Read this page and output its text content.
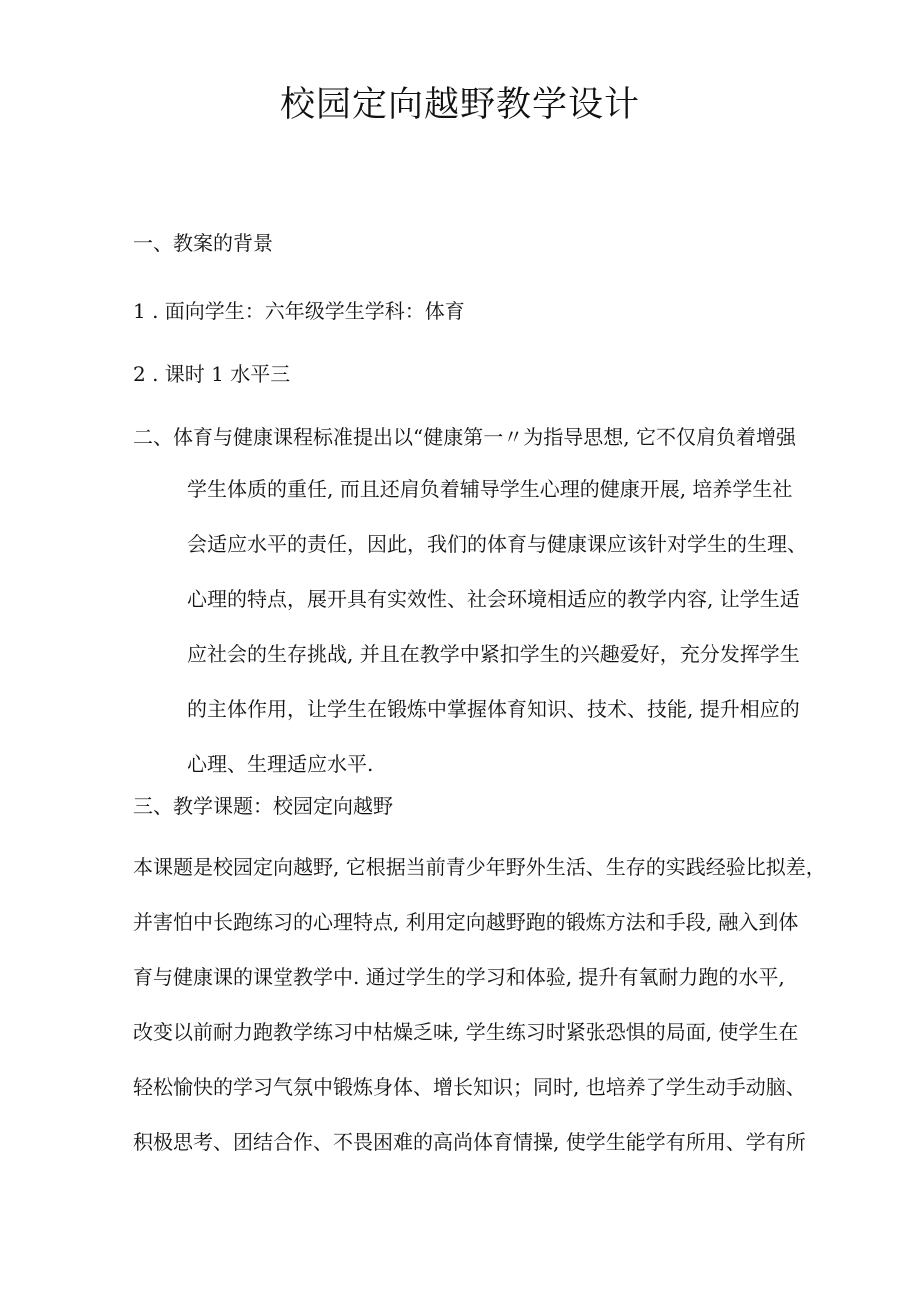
校园定向越野教学设计

一、教案的背景

1 . 面向学生：六年级学生学科：体育

2 . 课时 1 水平三

二、体育与健康课程标准提出以“健康第一〃为指导思想, 它不仅肩负着增强

学生体质的重任, 而且还肩负着辅导学生心理的健康开展, 培养学生社

会适应水平的责任，因此，我们的体育与健康课应该针对学生的生理、

心理的特点，展开具有实效性、社会环境相适应的教学内容, 让学生适

应社会的生存挑战, 并且在教学中紧扣学生的兴趣爱好，充分发挥学生

的主体作用，让学生在锻炼中掌握体育知识、技术、技能, 提升相应的

心理、生理适应水平.

三、教学课题：校园定向越野

本课题是校园定向越野, 它根据当前青少年野外生活、生存的实践经验比拟差，

并害怕中长跑练习的心理特点, 利用定向越野跑的锻炼方法和手段, 融入到体

育与健康课的课堂教学中. 通过学生的学习和体验, 提升有氧耐力跑的水平,

改变以前耐力跑教学练习中枯燥乏味, 学生练习时紧张恐惧的局面, 使学生在

轻松愉快的学习气氛中锻炼身体、增长知识；同时, 也培养了学生动手动脑、

积极思考、团结合作、不畏困难的高尚体育情操, 使学生能学有所用、学有所
